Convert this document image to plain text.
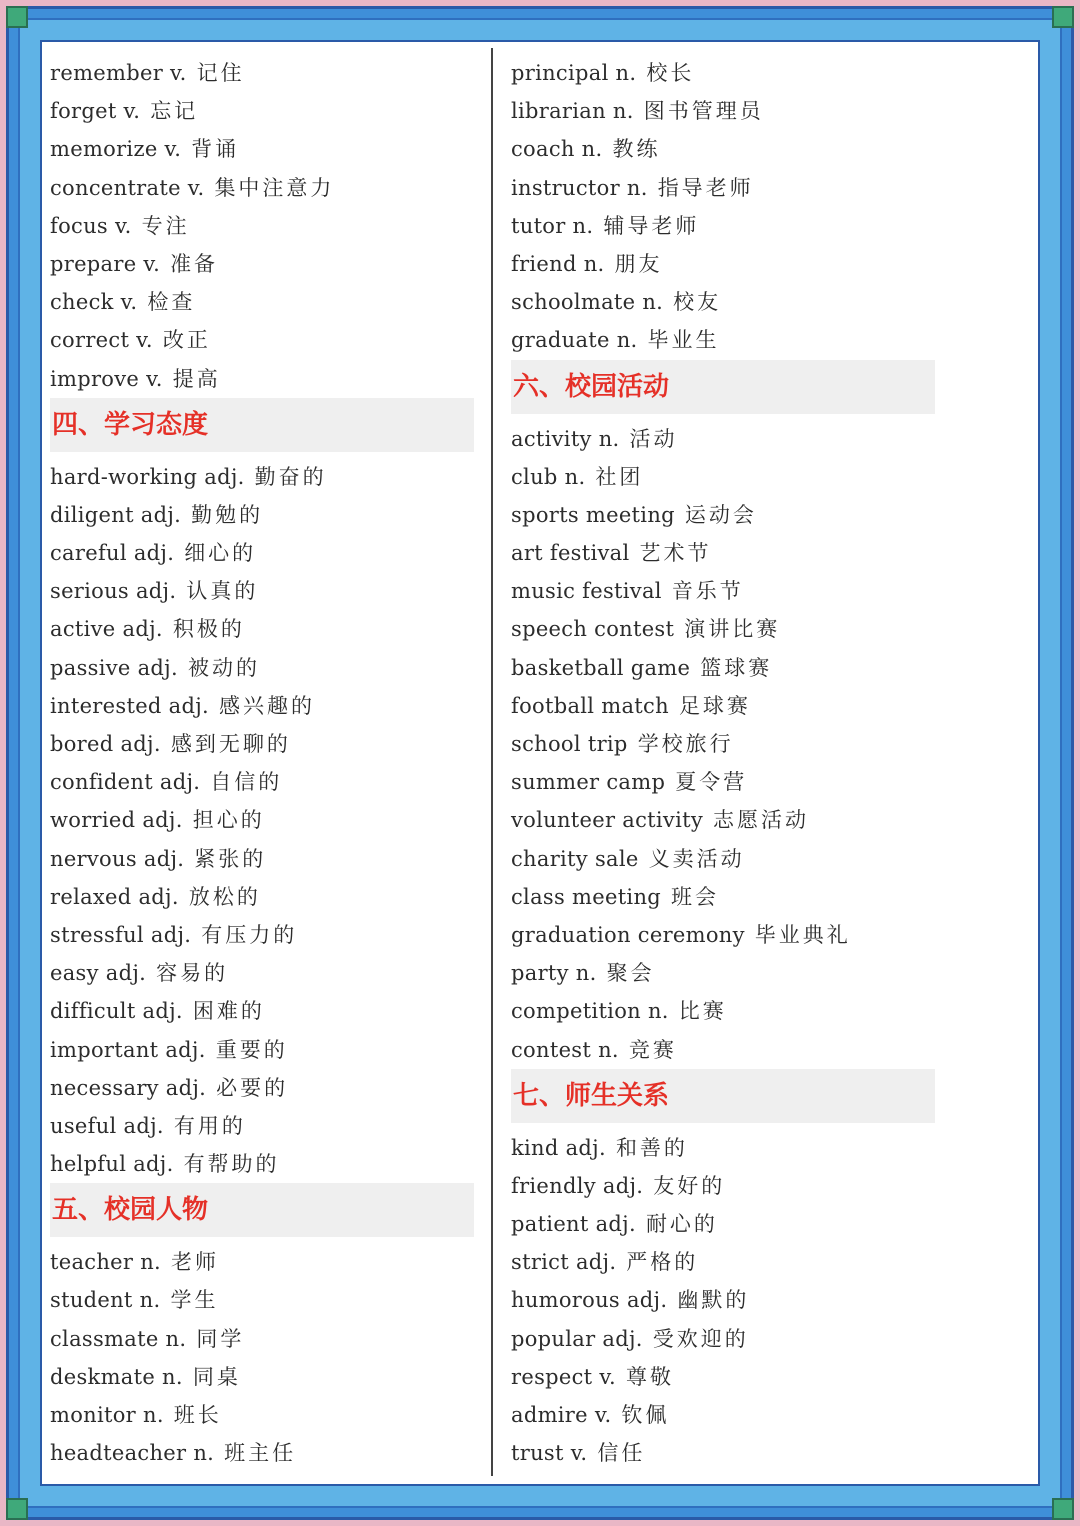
remember v. 记住
forget v. 忘记
memorize v. 背诵
concentrate v. 集中注意力
focus v. 专注
prepare v. 准备
check v. 检查
correct v. 改正
improve v. 提高
四、学习态度
hard-working adj. 勤奋的
diligent adj. 勤勉的
careful adj. 细心的
serious adj. 认真的
active adj. 积极的
passive adj. 被动的
interested adj. 感兴趣的
bored adj. 感到无聊的
confident adj. 自信的
worried adj. 担心的
nervous adj. 紧张的
relaxed adj. 放松的
stressful adj. 有压力的
easy adj. 容易的
difficult adj. 困难的
important adj. 重要的
necessary adj. 必要的
useful adj. 有用的
helpful adj. 有帮助的
五、校园人物
teacher n. 老师
student n. 学生
classmate n. 同学
deskmate n. 同桌
monitor n. 班长
headteacher n. 班主任
principal n. 校长
librarian n. 图书管理员
coach n. 教练
instructor n. 指导老师
tutor n. 辅导老师
friend n. 朋友
schoolmate n. 校友
graduate n. 毕业生
六、校园活动
activity n. 活动
club n. 社团
sports meeting 运动会
art festival 艺术节
music festival 音乐节
speech contest 演讲比赛
basketball game 篮球赛
football match 足球赛
school trip 学校旅行
summer camp 夏令营
volunteer activity 志愿活动
charity sale 义卖活动
class meeting 班会
graduation ceremony 毕业典礼
party n. 聚会
competition n. 比赛
contest n. 竞赛
七、师生关系
kind adj. 和善的
friendly adj. 友好的
patient adj. 耐心的
strict adj. 严格的
humorous adj. 幽默的
popular adj. 受欢迎的
respect v. 尊敬
admire v. 钦佩
trust v. 信任
